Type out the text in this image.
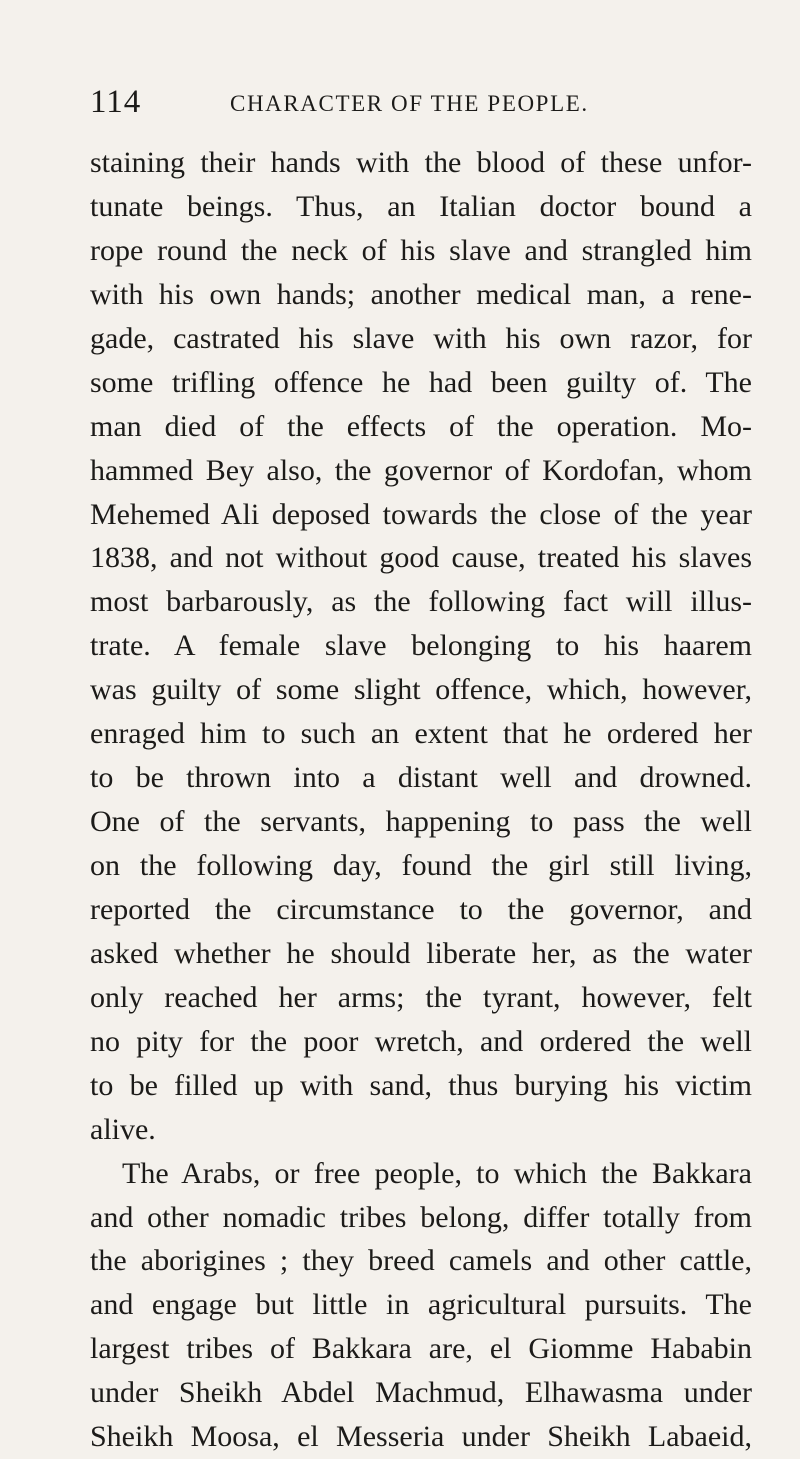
114	CHARACTER OF THE PEOPLE.
staining their hands with the blood of these unfor-
tunate beings. Thus, an Italian doctor bound a
rope round the neck of his slave and strangled him
with his own hands; another medical man, a rene-
gade, castrated his slave with his own razor, for
some trifling offence he had been guilty of. The
man died of the effects of the operation. Mo-
hammed Bey also, the governor of Kordofan, whom
Mehemed Ali deposed towards the close of the year
1838, and not without good cause, treated his slaves
most barbarously, as the following fact will illus-
trate. A female slave belonging to his haarem
was guilty of some slight offence, which, however,
enraged him to such an extent that he ordered her
to be thrown into a distant well and drowned.
One of the servants, happening to pass the well
on the following day, found the girl still living,
reported the circumstance to the governor, and
asked whether he should liberate her, as the water
only reached her arms; the tyrant, however, felt
no pity for the poor wretch, and ordered the well
to be filled up with sand, thus burying his victim
alive.
The Arabs, or free people, to which the Bakkara
and other nomadic tribes belong, differ totally from
the aborigines ; they breed camels and other cattle,
and engage but little in agricultural pursuits. The
largest tribes of Bakkara are, el Giomme Hababin
under Sheikh Abdel Machmud, Elhawasma under
Sheikh Moosa, el Messeria under Sheikh Labaeid,
